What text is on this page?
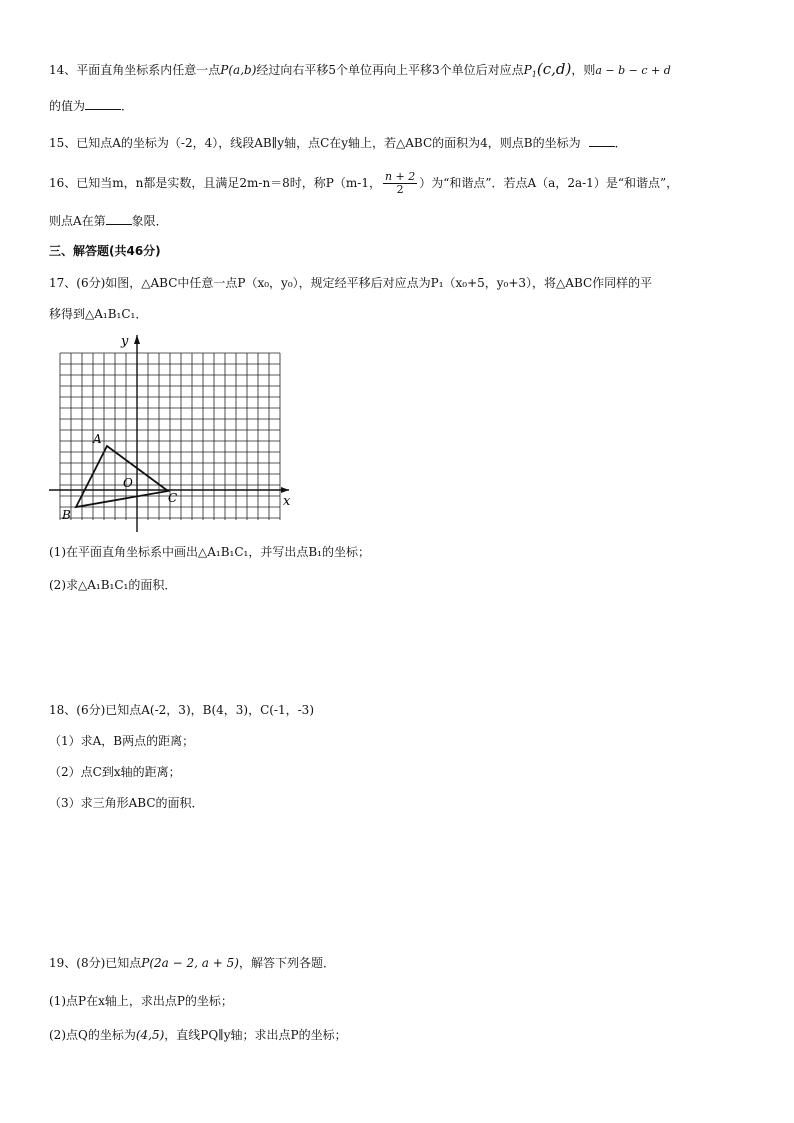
14、平面直角坐标系内任意一点P(a,b)经过向右平移5个单位再向上平移3个单位后对应点$P_1(c,d)$，则a − b − c + d
的值为	．
15、已知点A的坐标为（-2，4），线段AB∥y轴，点C在y轴上，若△ABC的面积为4，则点B的坐标为	．
16、已知当m，n都是实数，且满足2m-n＝8时，称P（m-1， $\frac{n + 2}{2}$ ）为“和谐点”．若点A（a，2a-1）是“和谐点”，
则点A在第 象限．
三、解答题(共46分)
17、(6分)如图，△ABC中任意一点P（x₀，y₀），规定经平移后对应点为P₁（x₀+5，y₀+3），将△ABC作同样的平
移得到△A₁B₁C₁．
y
x
A
B
C
O
(1)在平面直角坐标系中画出△A₁B₁C₁，并写出点B₁的坐标；
(2)求△A₁B₁C₁的面积．
18、(6分)已知点A(-2，3)，B(4，3)，C(-1，-3)
（1）求A，B两点的距离；
（2）点C到x轴的距离；
（3）求三角形ABC的面积．
19、(8分)已知点P(2a − 2, a + 5)，解答下列各题．
(1)点P在x轴上，求出点P的坐标；
(2)点Q的坐标为(4,5)，直线PQ∥y轴；求出点P的坐标；
